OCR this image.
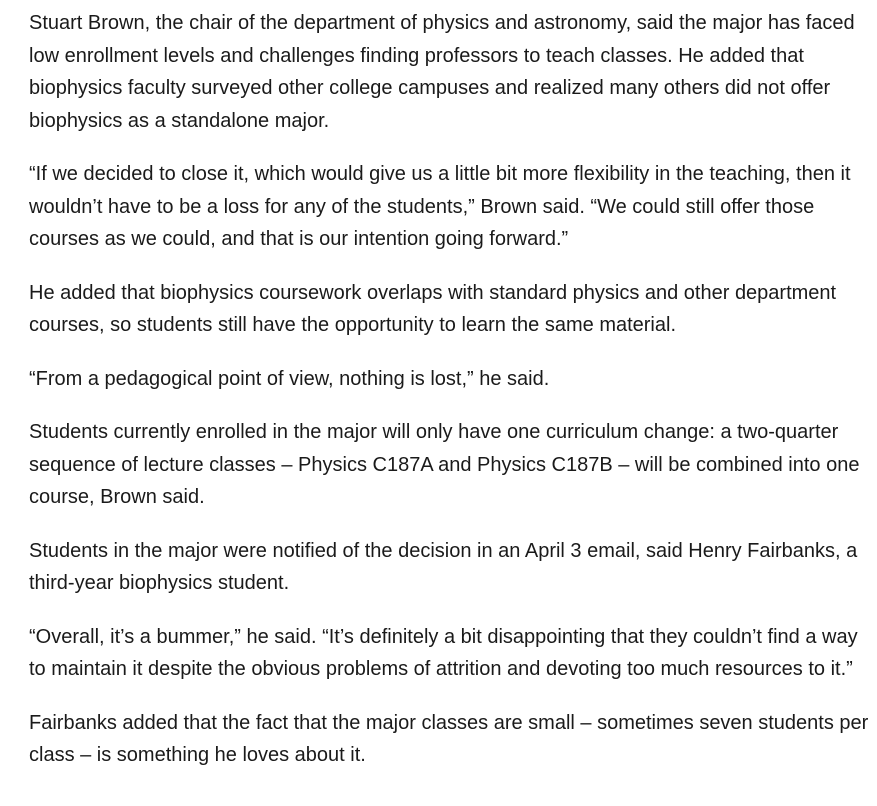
Stuart Brown, the chair of the department of physics and astronomy, said the major has faced low enrollment levels and challenges finding professors to teach classes. He added that biophysics faculty surveyed other college campuses and realized many others did not offer biophysics as a standalone major.

“If we decided to close it, which would give us a little bit more flexibility in the teaching, then it wouldn’t have to be a loss for any of the students,” Brown said. “We could still offer those courses as we could, and that is our intention going forward.”

He added that biophysics coursework overlaps with standard physics and other department courses, so students still have the opportunity to learn the same material.

“From a pedagogical point of view, nothing is lost,” he said.

Students currently enrolled in the major will only have one curriculum change: a two-quarter sequence of lecture classes – Physics C187A and Physics C187B – will be combined into one course, Brown said.

Students in the major were notified of the decision in an April 3 email, said Henry Fairbanks, a third-year biophysics student.

“Overall, it’s a bummer,” he said. “It’s definitely a bit disappointing that they couldn’t find a way to maintain it despite the obvious problems of attrition and devoting too much resources to it.”

Fairbanks added that the fact that the major classes are small – sometimes seven students per class – is something he loves about it.
